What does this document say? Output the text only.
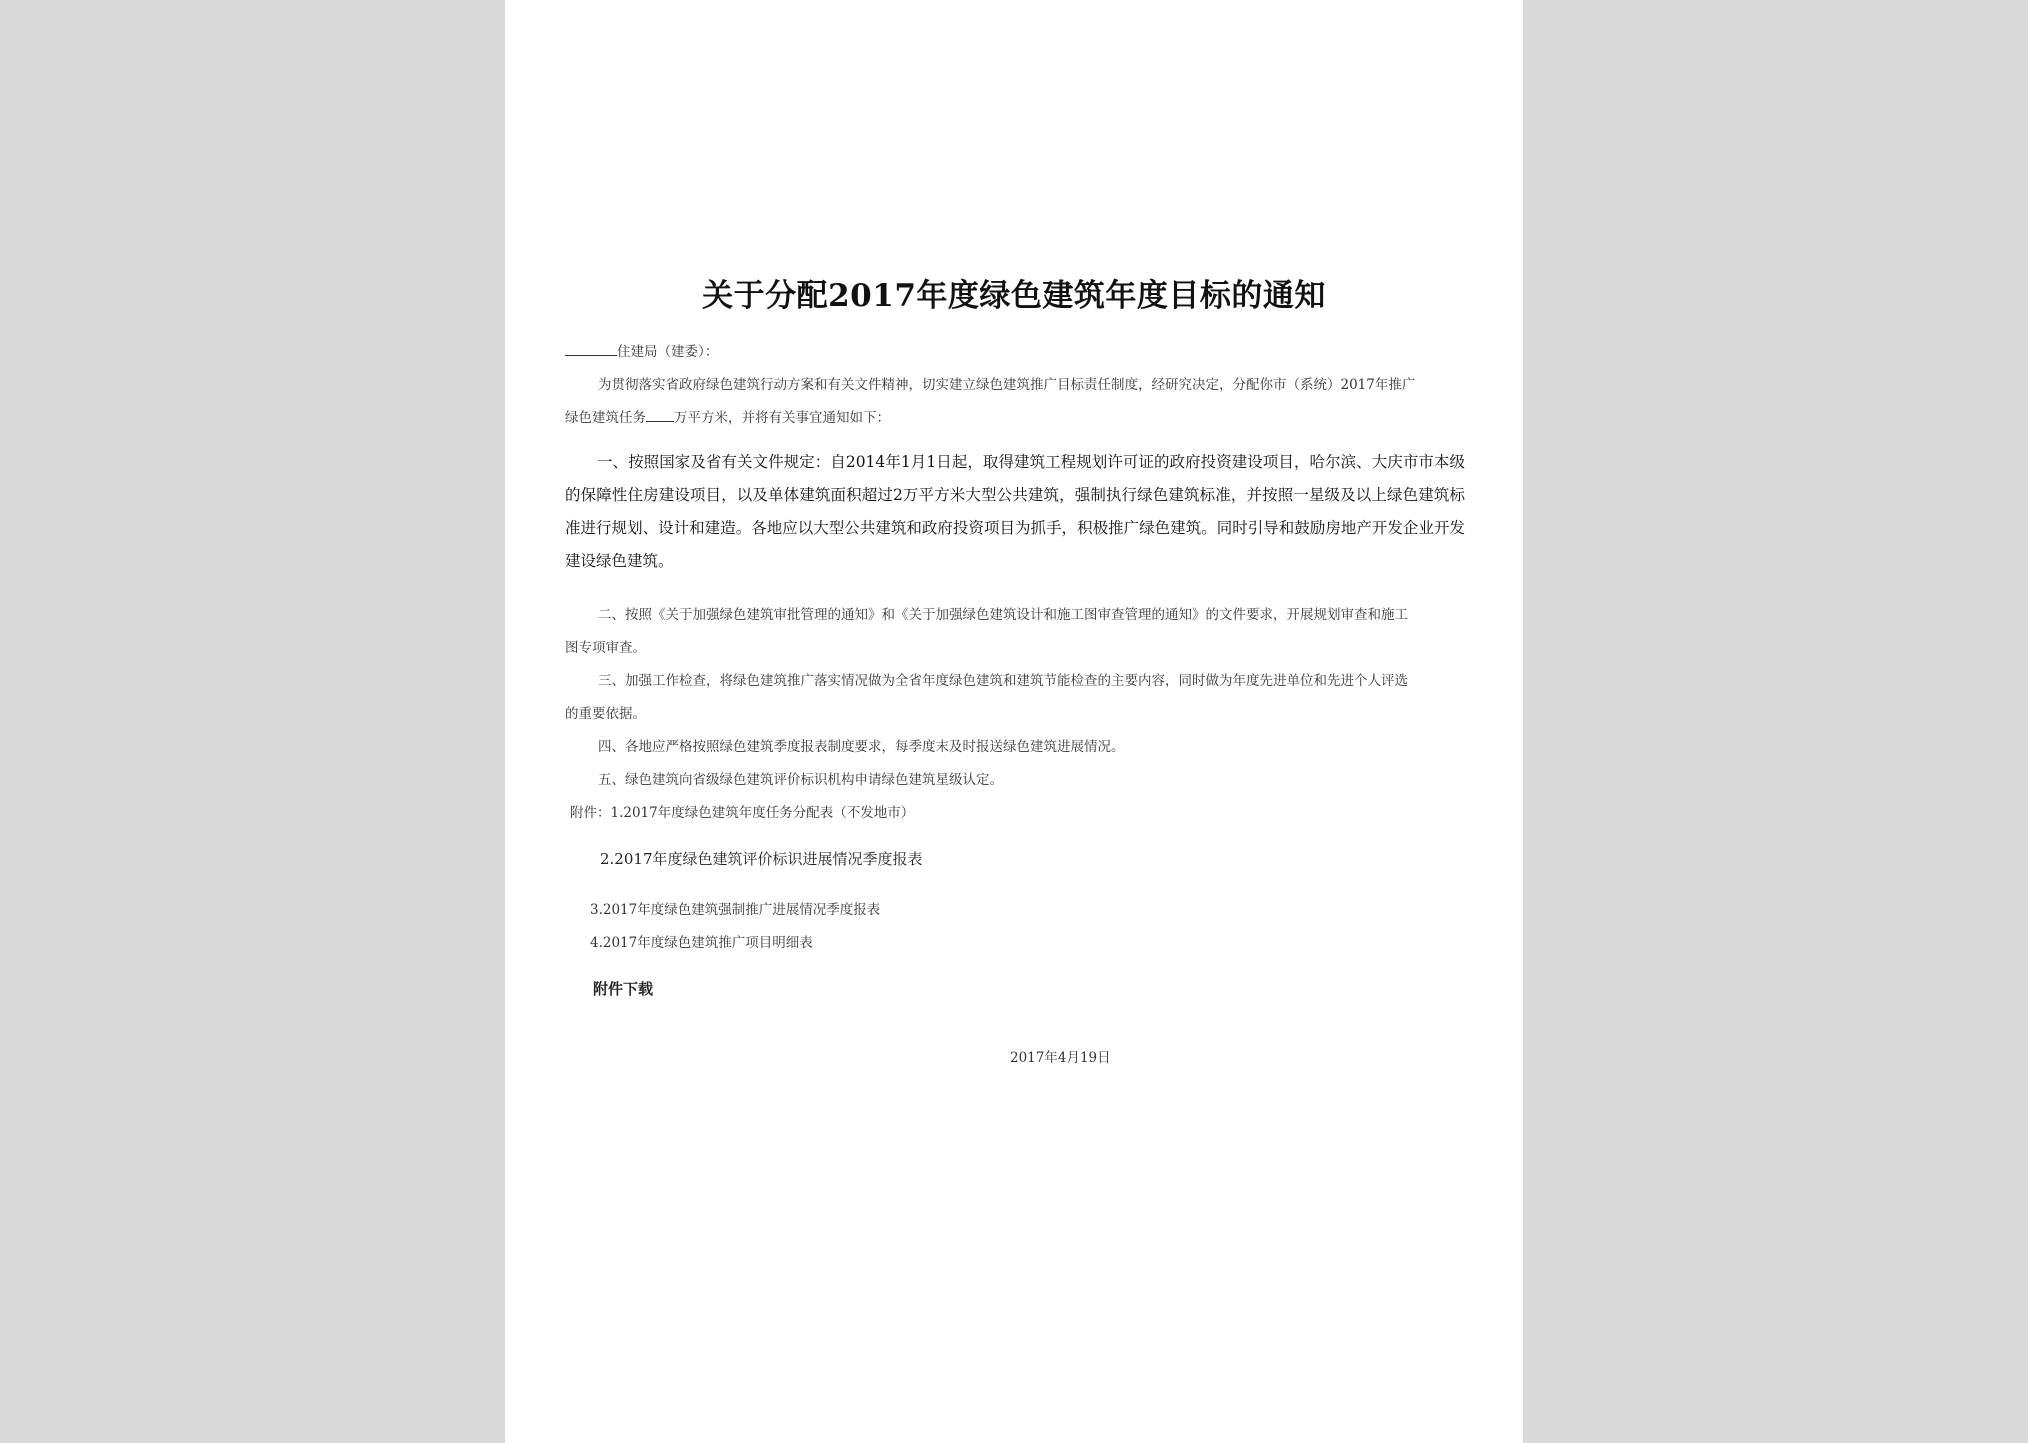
关于分配2017年度绿色建筑年度目标的通知
住建局（建委）：
为贯彻落实省政府绿色建筑行动方案和有关文件精神，切实建立绿色建筑推广目标责任制度，经研究决定，分配你市（系统）2017年推广
绿色建筑任务 万平方米，并将有关事宜通知如下：
一、按照国家及省有关文件规定：自2014年1月1日起，取得建筑工程规划许可证的政府投资建设项目，哈尔滨、大庆市市本级的保障性住房建设项目，以及单体建筑面积超过2万平方米大型公共建筑，强制执行绿色建筑标准，并按照一星级及以上绿色建筑标准进行规划、设计和建造。各地应以大型公共建筑和政府投资项目为抓手，积极推广绿色建筑。同时引导和鼓励房地产开发企业开发建设绿色建筑。
二、按照《关于加强绿色建筑审批管理的通知》和《关于加强绿色建筑设计和施工图审查管理的通知》的文件要求，开展规划审查和施工
图专项审查。
三、加强工作检查，将绿色建筑推广落实情况做为全省年度绿色建筑和建筑节能检查的主要内容，同时做为年度先进单位和先进个人评选
的重要依据。
四、各地应严格按照绿色建筑季度报表制度要求，每季度末及时报送绿色建筑进展情况。
五、绿色建筑向省级绿色建筑评价标识机构申请绿色建筑星级认定。
附件：1.2017年度绿色建筑年度任务分配表（不发地市）
2.2017年度绿色建筑评价标识进展情况季度报表
3.2017年度绿色建筑强制推广进展情况季度报表
4.2017年度绿色建筑推广项目明细表
附件下载
2017年4月19日
